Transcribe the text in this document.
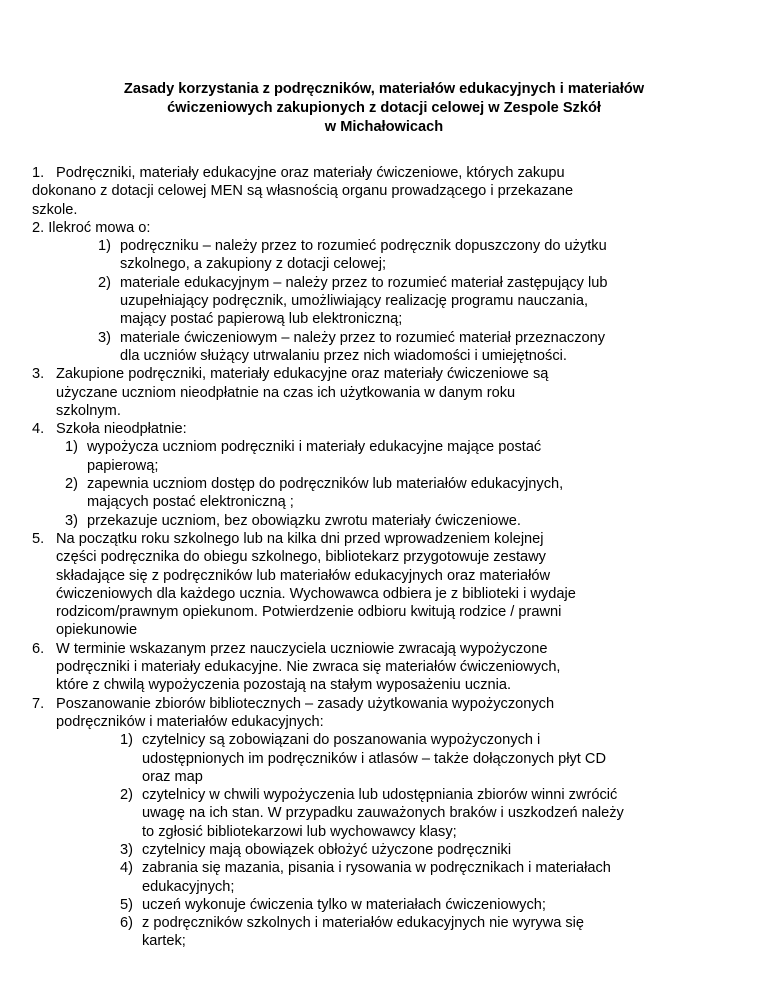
Zasady korzystania z podręczników, materiałów edukacyjnych i materiałów
ćwiczeniowych zakupionych z dotacji celowej w Zespole Szkół
w Michałowicach
1. Podręczniki, materiały edukacyjne oraz materiały ćwiczeniowe, których zakupu
dokonano z dotacji celowej MEN są własnością organu prowadzącego i przekazane
szkole.
2. Ilekroć mowa o:
1) podręczniku – należy przez to rozumieć podręcznik dopuszczony do użytku
szkolnego, a zakupiony z dotacji celowej;
2) materiale edukacyjnym – należy przez to rozumieć materiał zastępujący lub
uzupełniający podręcznik, umożliwiający realizację programu nauczania,
mający postać papierową lub elektroniczną;
3) materiale ćwiczeniowym – należy przez to rozumieć materiał przeznaczony
dla uczniów służący utrwalaniu przez nich wiadomości i umiejętności.
3. Zakupione podręczniki, materiały edukacyjne oraz materiały ćwiczeniowe są
użyczane uczniom nieodpłatnie na czas ich użytkowania w danym roku
szkolnym.
4. Szkoła nieodpłatnie:
1) wypożycza uczniom podręczniki i materiały edukacyjne mające postać
papierową;
2) zapewnia uczniom dostęp do podręczników lub materiałów edukacyjnych,
mających postać elektroniczną ;
3) przekazuje uczniom, bez obowiązku zwrotu materiały ćwiczeniowe.
5. Na początku roku szkolnego lub na kilka dni przed wprowadzeniem kolejnej
części podręcznika do obiegu szkolnego, bibliotekarz przygotowuje zestawy
składające się z podręczników lub materiałów edukacyjnych oraz materiałów
ćwiczeniowych dla każdego ucznia. Wychowawca odbiera je z biblioteki i wydaje
rodzicom/prawnym opiekunom. Potwierdzenie odbioru kwitują rodzice / prawni
opiekunowie
6. W terminie wskazanym przez nauczyciela uczniowie zwracają wypożyczone
podręczniki i materiały edukacyjne. Nie zwraca się materiałów ćwiczeniowych,
które z chwilą wypożyczenia pozostają na stałym wyposażeniu ucznia.
7. Poszanowanie zbiorów bibliotecznych – zasady użytkowania wypożyczonych
podręczników i materiałów edukacyjnych:
1) czytelnicy są zobowiązani do poszanowania wypożyczonych i
udostępnionych im podręczników i atlasów – także dołączonych płyt CD
oraz map
2) czytelnicy w chwili wypożyczenia lub udostępniania zbiorów winni zwrócić
uwagę na ich stan. W przypadku zauważonych braków i uszkodzeń należy
to zgłosić bibliotekarzowi lub wychowawcy klasy;
3) czytelnicy mają obowiązek obłożyć użyczone podręczniki
4) zabrania się mazania, pisania i rysowania w podręcznikach i materiałach
edukacyjnych;
5) uczeń wykonuje ćwiczenia tylko w materiałach ćwiczeniowych;
6) z podręczników szkolnych i materiałów edukacyjnych nie wyrywa się
kartek;
